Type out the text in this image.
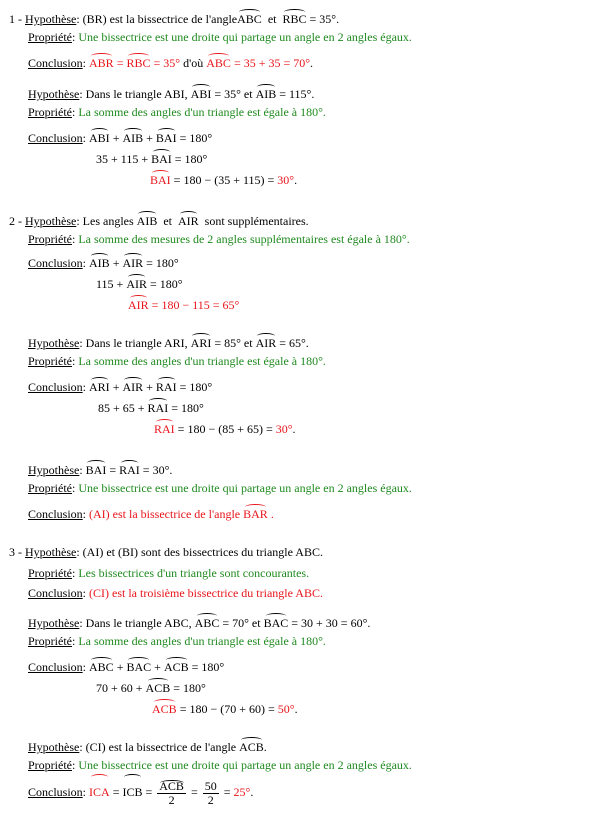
1 - Hypothèse: (BR) est la bissectrice de l'angleABC et RBC = 35°.
Propriété: Une bissectrice est une droite qui partage un angle en 2 angles égaux.
Conclusion: ABR = RBC = 35° d'où ABC = 35 + 35 = 70°.
Hypothèse: Dans le triangle ABI, ABI = 35° et AIB = 115°.
Propriété: La somme des angles d'un triangle est égale à 180°.
Conclusion: ABI + AIB + BAI = 180°
35 + 115 + BAI = 180°
BAI = 180 − (35 + 115) = 30°.
2 - Hypothèse: Les angles AIB et AIR sont supplémentaires.
Propriété: La somme des mesures de 2 angles supplémentaires est égale à 180°.
Conclusion: AIB + AIR = 180°
115 + AIR = 180°
AIR = 180 − 115 = 65°
Hypothèse: Dans le triangle ARI, ARI = 85° et AIR = 65°.
Propriété: La somme des angles d'un triangle est égale à 180°.
Conclusion: ARI + AIR + RAI = 180°
85 + 65 + RAI = 180°
RAI = 180 − (85 + 65) = 30°.
Hypothèse: BAI = RAI = 30°.
Propriété: Une bissectrice est une droite qui partage un angle en 2 angles égaux.
Conclusion: (AI) est la bissectrice de l'angle BAR .
3 - Hypothèse: (AI) et (BI) sont des bissectrices du triangle ABC.
Propriété: Les bissectrices d'un triangle sont concourantes.
Conclusion: (CI) est la troisième bissectrice du triangle ABC.
Hypothèse: Dans le triangle ABC, ABC = 70° et BAC = 30 + 30 = 60°.
Propriété: La somme des angles d'un triangle est égale à 180°.
Conclusion: ABC + BAC + ACB = 180°
70 + 60 + ACB = 180°
ACB = 180 − (70 + 60) = 50°.
Hypothèse: (CI) est la bissectrice de l'angle ACB.
Propriété: Une bissectrice est une droite qui partage un angle en 2 angles égaux.
Conclusion: ICA = ICB = $\frac{\text{ACB}}{2} = \frac{50}{2} = 25^\circ$.
